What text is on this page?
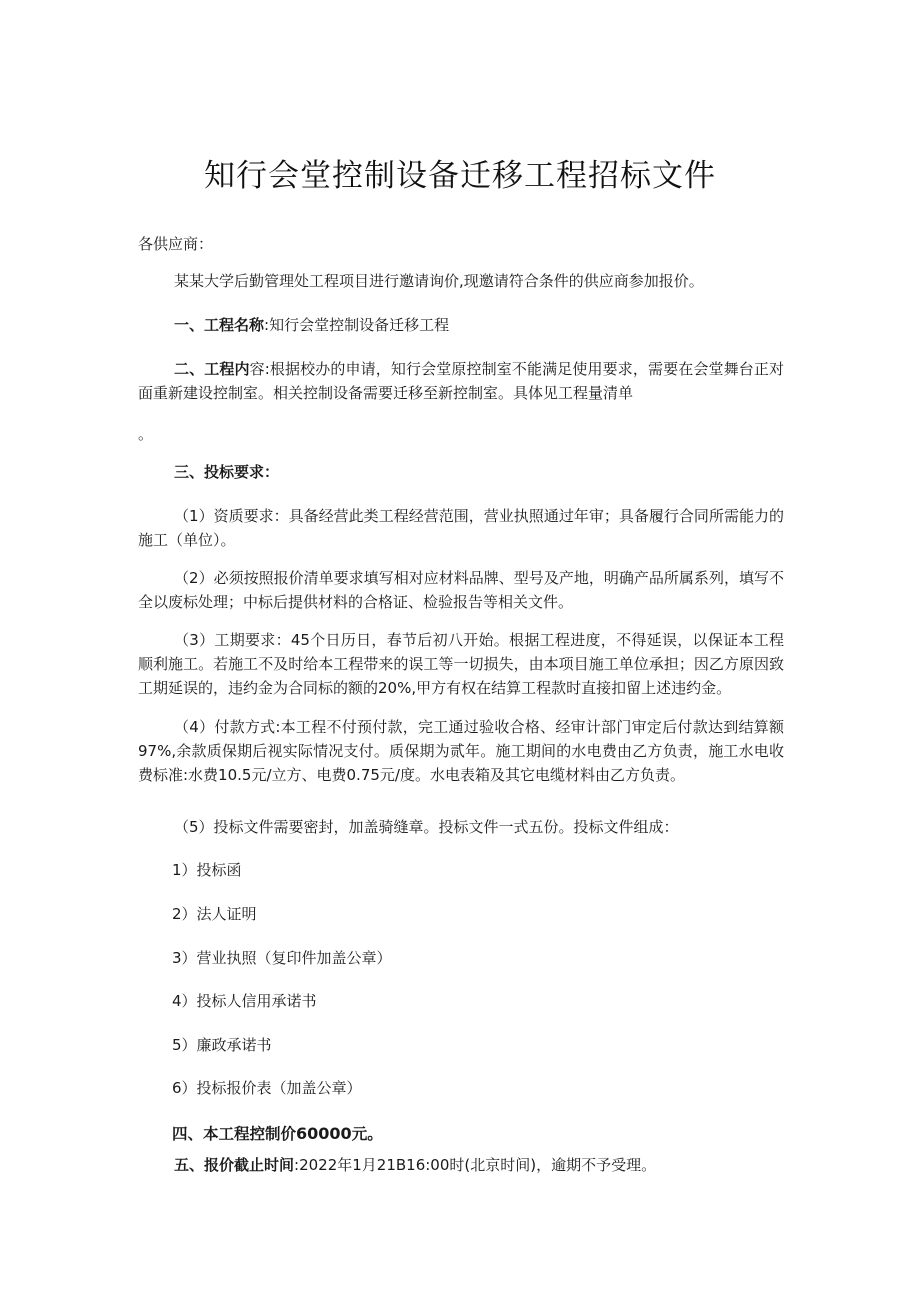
知行会堂控制设备迁移工程招标文件
各供应商：
某某大学后勤管理处工程项目进行邀请询价,现邀请符合条件的供应商参加报价。
一、工程名称:知行会堂控制设备迁移工程
二、工程内容:根据校办的申请，知行会堂原控制室不能满足使用要求，需要在会堂舞台正对面重新建设控制室。相关控制设备需要迁移至新控制室。具体见工程量清单
。
三、投标要求：
（1）资质要求：具备经营此类工程经营范围，营业执照通过年审；具备履行合同所需能力的施工（单位）。
（2）必须按照报价清单要求填写相对应材料品牌、型号及产地，明确产品所属系列，填写不全以废标处理；中标后提供材料的合格证、检验报告等相关文件。
（3）工期要求：45个日历日，春节后初八开始。根据工程进度，不得延误，以保证本工程顺利施工。若施工不及时给本工程带来的误工等一切损失，由本项目施工单位承担；因乙方原因致工期延误的，违约金为合同标的额的20%,甲方有权在结算工程款时直接扣留上述违约金。
（4）付款方式:本工程不付预付款，完工通过验收合格、经审计部门审定后付款达到结算额97%,余款质保期后视实际情况支付。质保期为贰年。施工期间的水电费由乙方负责，施工水电收费标准:水费10.5元/立方、电费0.75元/度。水电表箱及其它电缆材料由乙方负责。
（5）投标文件需要密封，加盖骑缝章。投标文件一式五份。投标文件组成：
1）投标函
2）法人证明
3）营业执照（复印件加盖公章）
4）投标人信用承诺书
5）廉政承诺书
6）投标报价表（加盖公章）
四、本工程控制价60000元。
五、报价截止时间:2022年1月21B16:00时(北京时间)，逾期不予受理。
